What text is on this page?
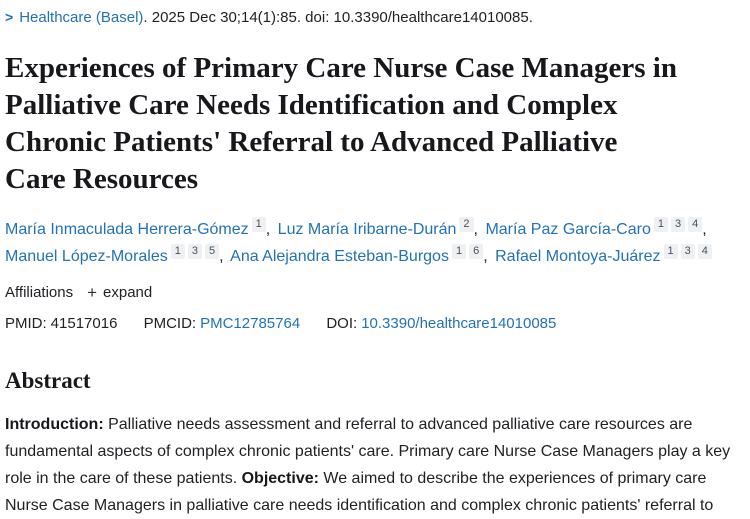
> Healthcare (Basel). 2025 Dec 30;14(1):85. doi: 10.3390/healthcare14010085.
Experiences of Primary Care Nurse Case Managers in
Palliative Care Needs Identification and Complex
Chronic Patients' Referral to Advanced Palliative
Care Resources
María Inmaculada Herrera-Gómez 1 , Luz María Iribarne-Durán 2 , María Paz García-Caro 1 3 4 , Manuel López-Morales 1 3 5 , Ana Alejandra Esteban-Burgos 1 6 , Rafael Montoya-Juárez 1 3 4
Affiliations + expand
PMID: 41517016 PMCID: PMC12785764 DOI: 10.3390/healthcare14010085
Abstract

Introduction: Palliative needs assessment and referral to advanced palliative care resources are fundamental aspects of complex chronic patients' care. Primary care Nurse Case Managers play a key role in the care of these patients. Objective: We aimed to describe the experiences of primary care Nurse Case Managers in palliative care needs identification and complex chronic patients' referral to
